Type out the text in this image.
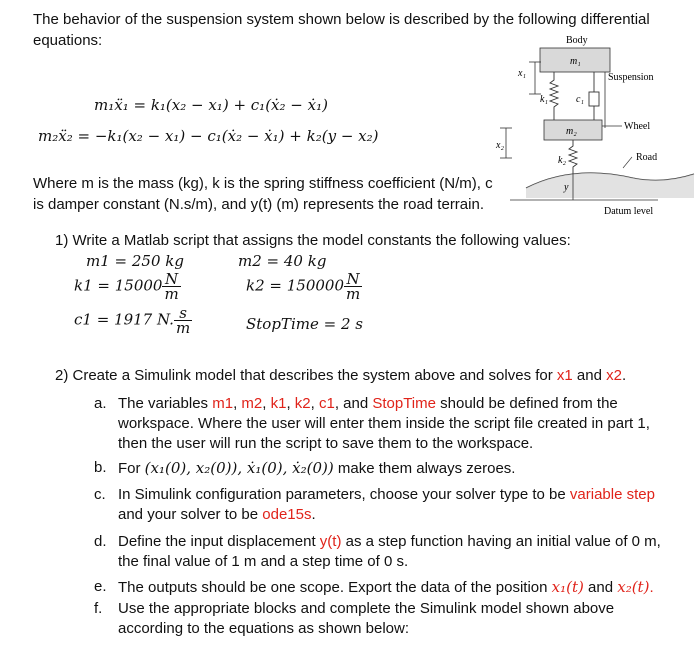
The behavior of the suspension system shown below is described by the following differential
equations:
m₁ẍ₁ = k₁(x₂ − x₁) + c₁(ẋ₂ − ẋ₁)
m₂ẍ₂ = −k₁(x₂ − x₁) − c₁(ẋ₂ − ẋ₁) + k₂(y − x₂)
Where m is the mass (kg), k is the spring stiffness coefficient (N/m), c
is damper constant (N.s/m), and y(t) (m) represents the road terrain.
Body
m₁
x₁	Suspension
k₁	c₁
m₂	Wheel
x₂
k₂	Road
y
Datum level
1) Write a Matlab script that assigns the model constants the following values:
m1 = 250 kg	m2 = 40 kg
$k1 = 15000 \frac{N}{m}$	$k2 = 150000 \frac{N}{m}$
c1 = 1917 N. $\frac{s}{m}$	StopTime = 2 s
2) Create a Simulink model that describes the system above and solves for x1 and x2.
a. The variables m1, m2, k1, k2, c1, and StopTime should be defined from the
workspace. Where the user will enter them inside the script file created in part 1,
then the user will run the script to save them to the workspace.
b. For (x₁(0), x₂(0)), ẋ₁(0), ẋ₂(0)) make them always zeroes.
c. In Simulink configuration parameters, choose your solver type to be variable step
and your solver to be ode15s.
d. Define the input displacement y(t) as a step function having an initial value of 0 m,
the final value of 1 m and a step time of 0 s.
e. The outputs should be one scope. Export the data of the position x₁(t) and x₂(t).
f.	Use the appropriate blocks and complete the Simulink model shown above
according to the equations as shown below:
